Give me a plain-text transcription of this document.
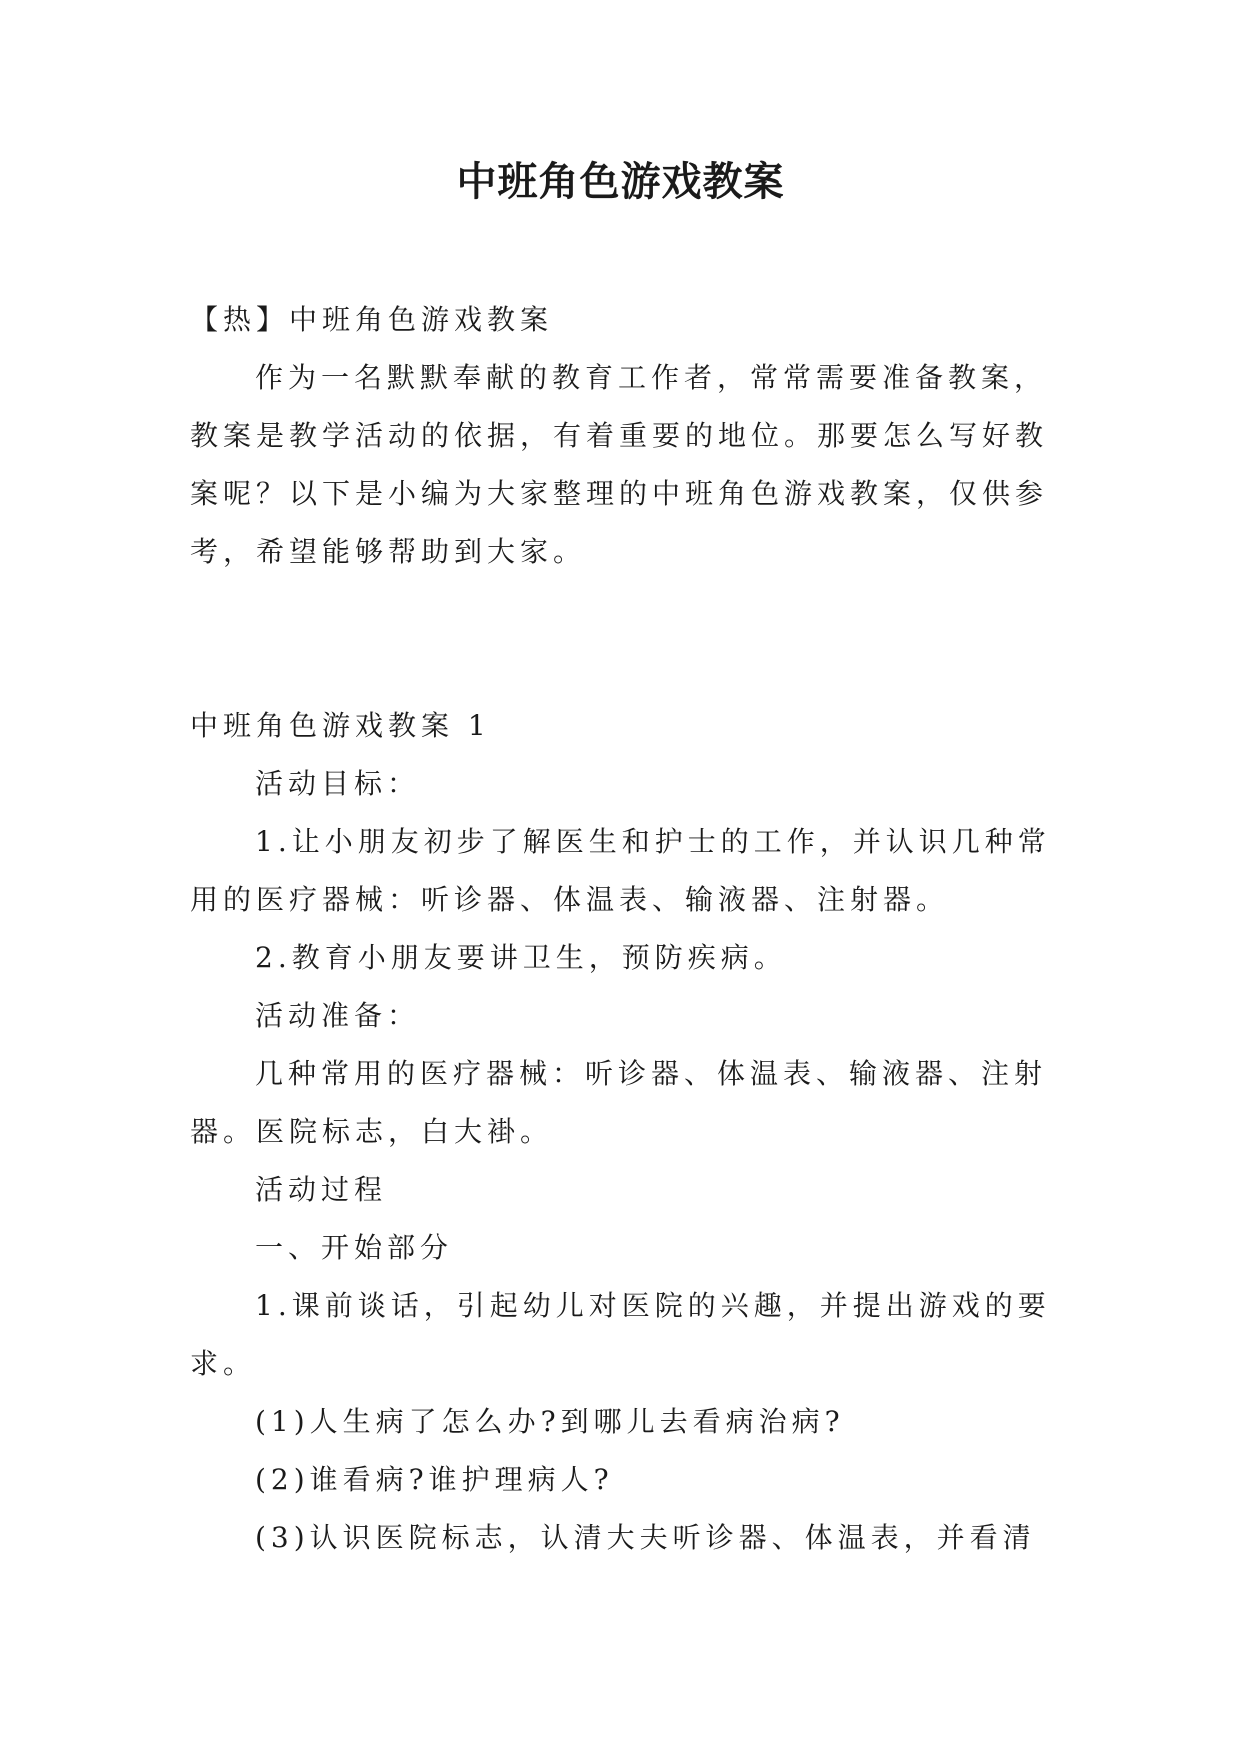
中班角色游戏教案

【热】中班角色游戏教案

作为一名默默奉献的教育工作者，常常需要准备教案，教案是教学活动的依据，有着重要的地位。那要怎么写好教案呢？以下是小编为大家整理的中班角色游戏教案，仅供参考，希望能够帮助到大家。

中班角色游戏教案 1

活动目标：

1.让小朋友初步了解医生和护士的工作，并认识几种常用的医疗器械：听诊器、体温表、输液器、注射器。

2.教育小朋友要讲卫生，预防疾病。

活动准备：

几种常用的医疗器械：听诊器、体温表、输液器、注射器。医院标志，白大褂。

活动过程

一、开始部分

1.课前谈话，引起幼儿对医院的兴趣，并提出游戏的要求。

(1)人生病了怎么办?到哪儿去看病治病?

(2)谁看病?谁护理病人?

(3)认识医院标志，认清大夫听诊器、体温表，并看清
